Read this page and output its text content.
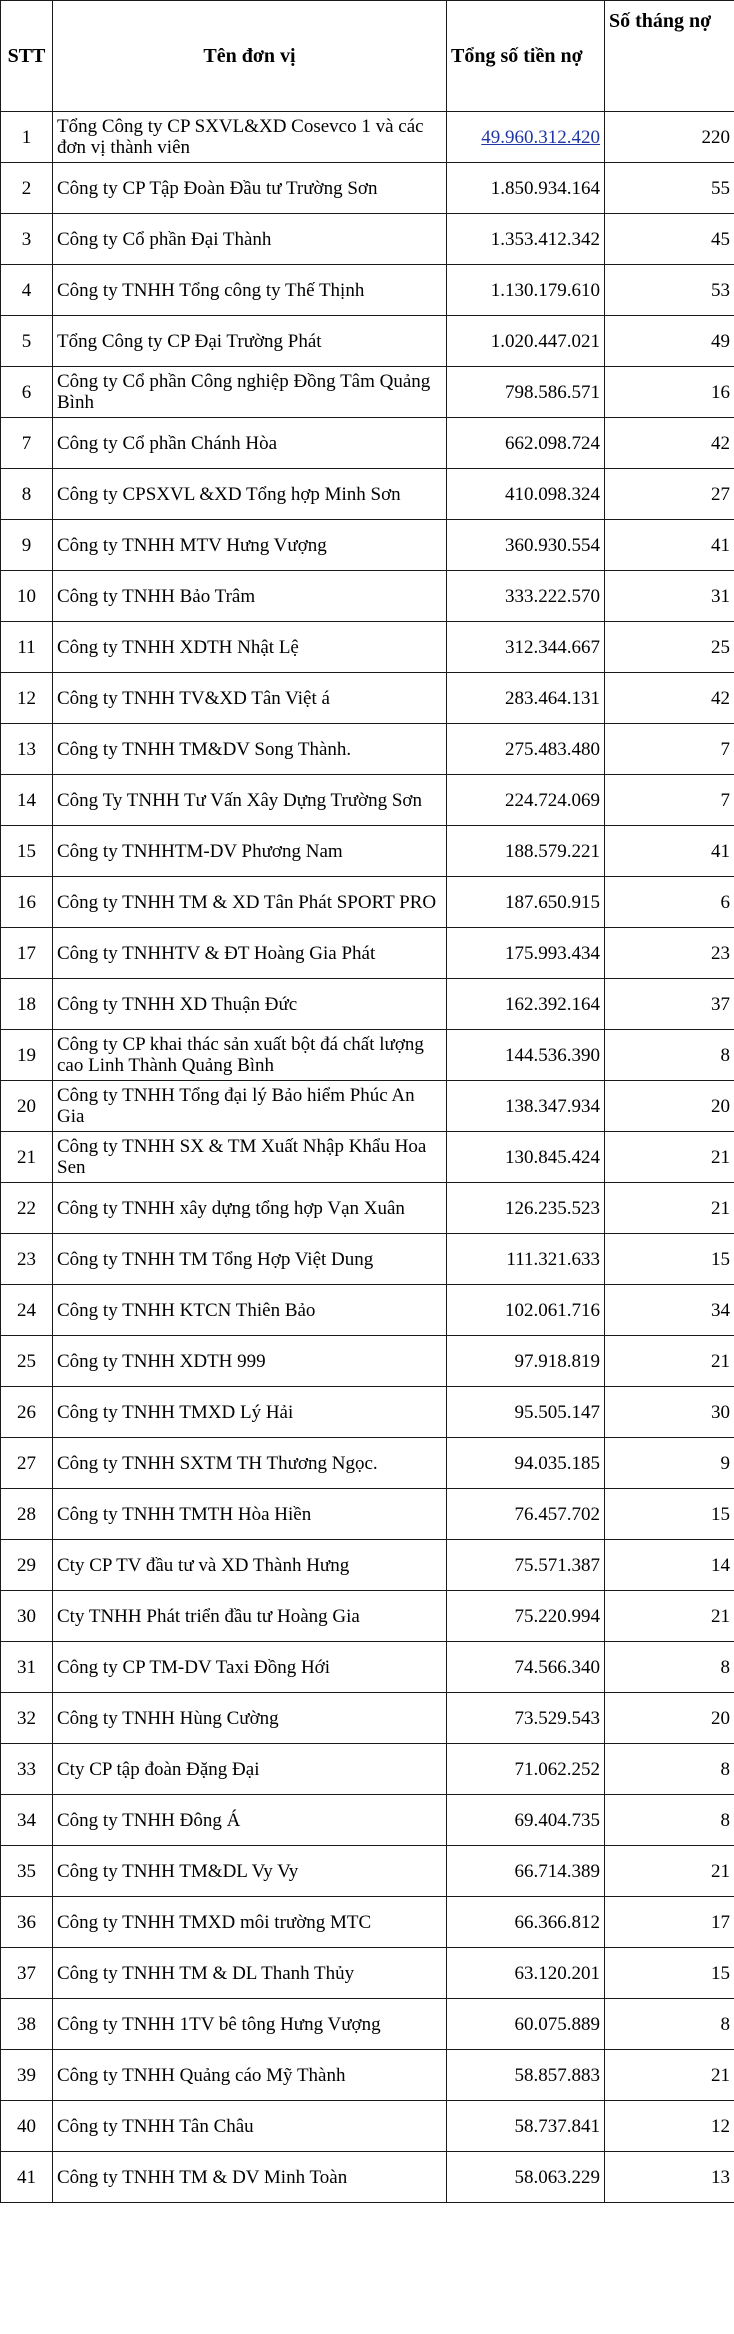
STT	Tên đơn vị	Tổng số tiền nợ	Số tháng nợ
1	Tổng Công ty CP SXVL&XD Cosevco 1 và các đơn vị thành viên	49.960.312.420	220
2	Công ty CP Tập Đoàn Đầu tư Trường Sơn	1.850.934.164	55
3	Công ty Cổ phần Đại Thành	1.353.412.342	45
4	Công ty TNHH Tổng công ty Thế Thịnh	1.130.179.610	53
5	Tổng Công ty CP Đại Trường Phát	1.020.447.021	49
6	Công ty Cổ phần Công nghiệp Đồng Tâm Quảng Bình	798.586.571	16
7	Công ty Cổ phần Chánh Hòa	662.098.724	42
8	Công ty CPSXVL &XD Tổng hợp Minh Sơn	410.098.324	27
9	Công ty TNHH MTV Hưng Vượng	360.930.554	41
10	Công ty TNHH Bảo Trâm	333.222.570	31
11	Công ty TNHH XDTH Nhật Lệ	312.344.667	25
12	Công ty TNHH TV&XD Tân Việt á	283.464.131	42
13	Công ty TNHH TM&DV Song Thành.	275.483.480	7
14	Công Ty TNHH Tư Vấn Xây Dựng Trường Sơn	224.724.069	7
15	Công ty TNHHTM-DV Phương Nam	188.579.221	41
16	Công ty TNHH TM & XD Tân Phát SPORT PRO	187.650.915	6
17	Công ty TNHHTV & ĐT Hoàng Gia Phát	175.993.434	23
18	Công ty TNHH XD Thuận Đức	162.392.164	37
19	Công ty CP khai thác sản xuất bột đá chất lượng cao Linh Thành Quảng Bình	144.536.390	8
20	Công ty TNHH Tổng đại lý Bảo hiểm Phúc An Gia	138.347.934	20
21	Công ty TNHH SX & TM Xuất Nhập Khẩu Hoa Sen	130.845.424	21
22	Công ty TNHH xây dựng tổng hợp Vạn Xuân	126.235.523	21
23	Công ty TNHH TM Tổng Hợp Việt Dung	111.321.633	15
24	Công ty TNHH KTCN Thiên Bảo	102.061.716	34
25	Công ty TNHH XDTH 999	97.918.819	21
26	Công ty TNHH TMXD Lý Hải	95.505.147	30
27	Công ty TNHH SXTM TH Thương Ngọc.	94.035.185	9
28	Công ty TNHH TMTH Hòa Hiền	76.457.702	15
29	Cty CP TV đầu tư và XD Thành Hưng	75.571.387	14
30	Cty TNHH Phát triển đầu tư Hoàng Gia	75.220.994	21
31	Công ty CP TM-DV Taxi Đồng Hới	74.566.340	8
32	Công ty TNHH Hùng Cường	73.529.543	20
33	Cty CP tập đoàn Đặng Đại	71.062.252	8
34	Công ty TNHH Đông Á	69.404.735	8
35	Công ty TNHH TM&DL Vy Vy	66.714.389	21
36	Công ty TNHH TMXD môi trường MTC	66.366.812	17
37	Công ty TNHH TM & DL Thanh Thủy	63.120.201	15
38	Công ty TNHH 1TV bê tông Hưng Vượng	60.075.889	8
39	Công ty TNHH Quảng cáo Mỹ Thành	58.857.883	21
40	Công ty TNHH Tân Châu	58.737.841	12
41	Công ty TNHH TM & DV Minh Toàn	58.063.229	13
